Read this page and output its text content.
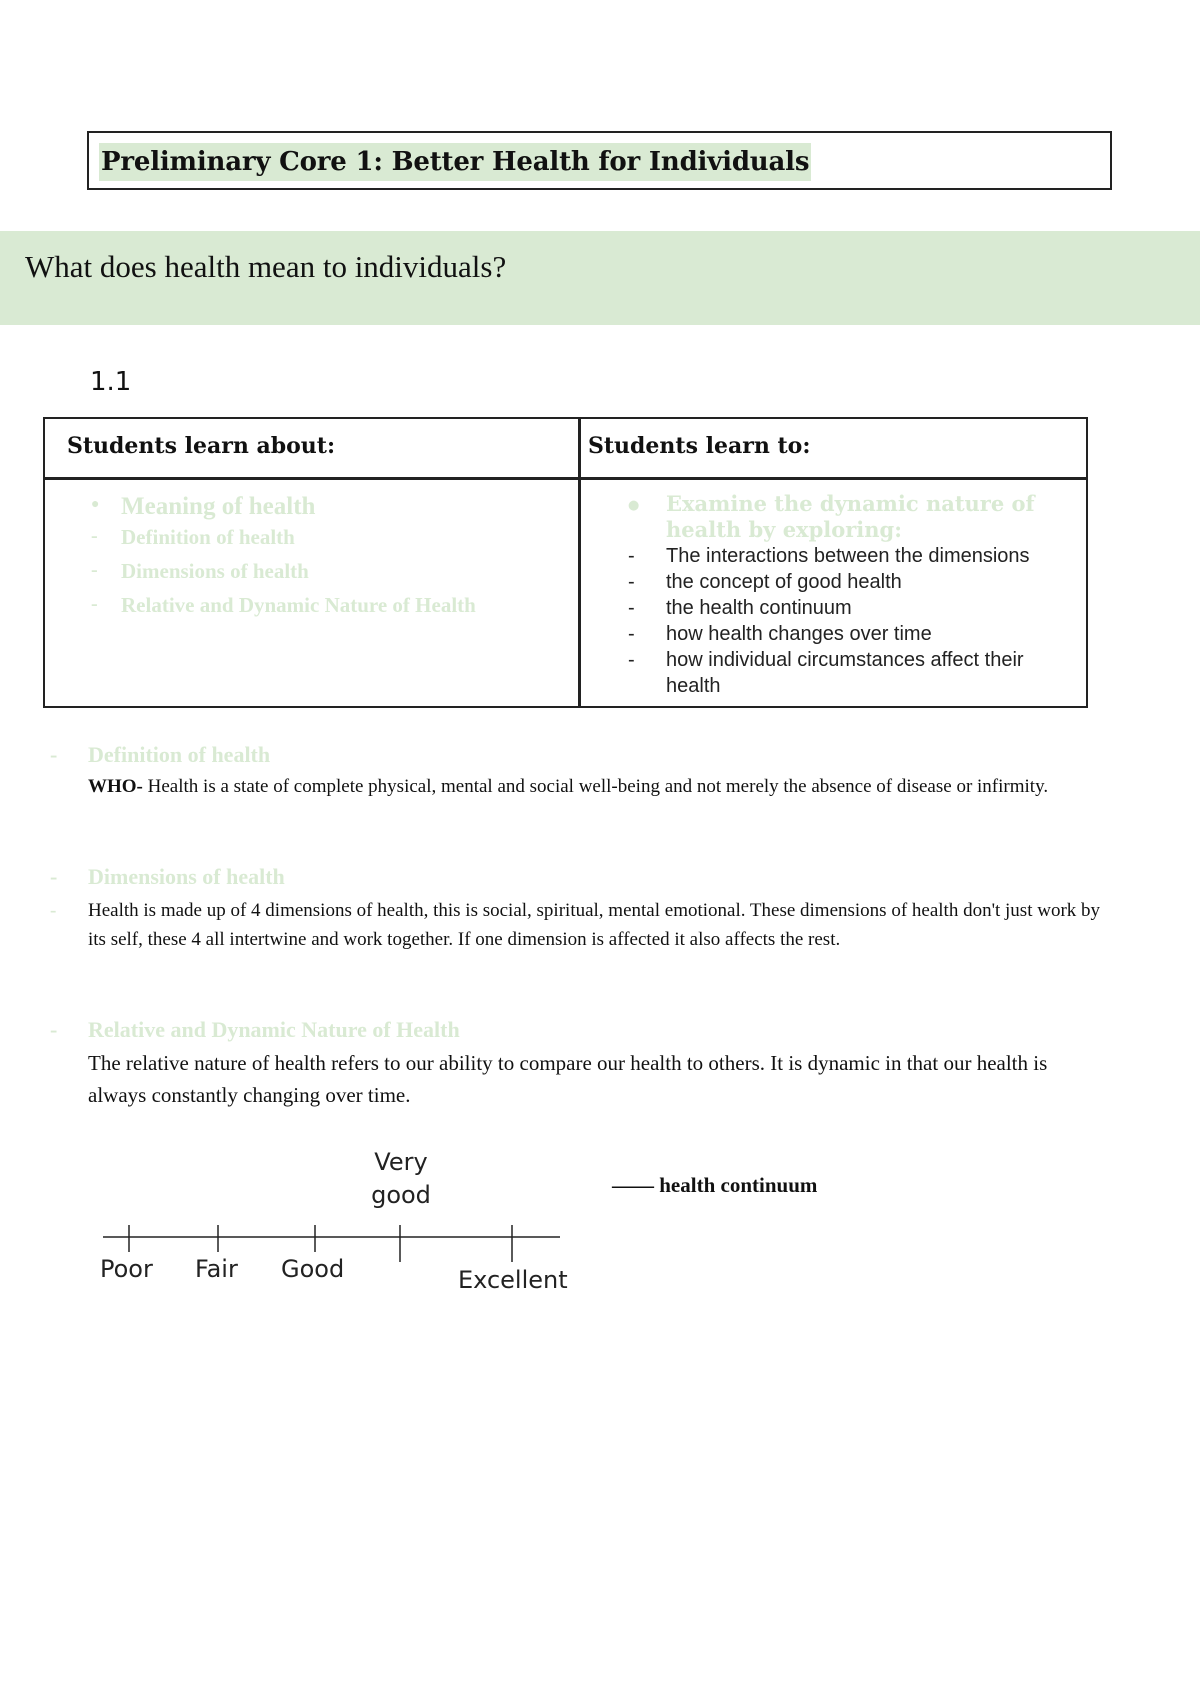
Preliminary Core 1: Better Health for Individuals
What does health mean to individuals?
1.1
Students learn about:	Students learn to:
● Meaning of health
- Definition of health
- Dimensions of health
- Relative and Dynamic Nature of Health
● Examine the dynamic nature of health by exploring:
- The interactions between the dimensions
- the concept of good health
- the health continuum
- how health changes over time
- how individual circumstances affect their health
- Definition of health
WHO- Health is a state of complete physical, mental and social well-being and not merely the absence of disease or infirmity.
- Dimensions of health
- Health is made up of 4 dimensions of health, this is social, spiritual, mental emotional. These dimensions of health don't just work by its self, these 4 all intertwine and work together. If one dimension is affected it also affects the rest.
- Relative and Dynamic Nature of Health
The relative nature of health refers to our ability to compare our health to others. It is dynamic in that our health is always constantly changing over time.
Poor Fair Good
Very good
Excellent
—— health continuum
